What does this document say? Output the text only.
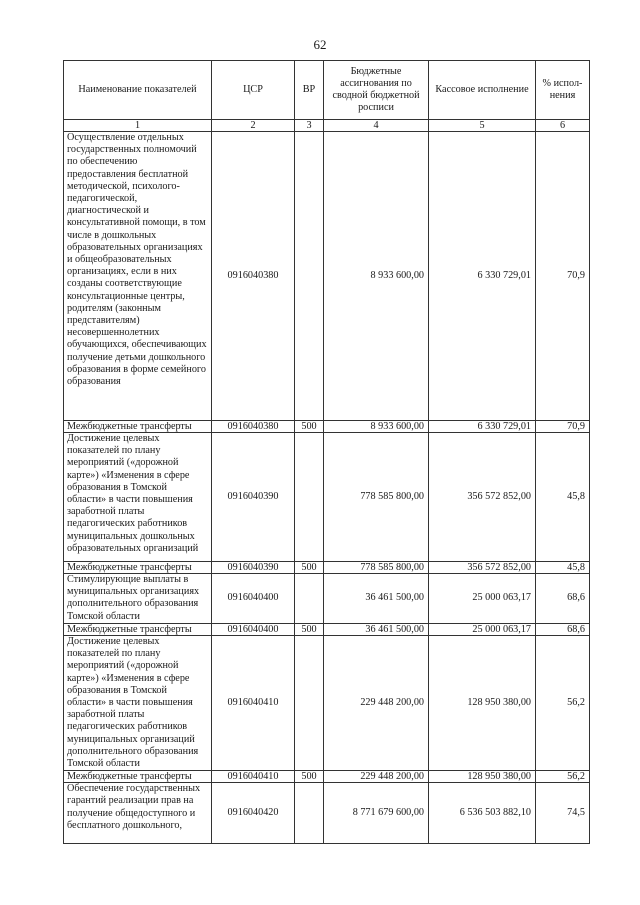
62
Наименование показателей	ЦСР	ВР	Бюджетные ассигнования по сводной бюджетной росписи	Кассовое исполнение	% испол-нения
1	2	3	4	5	6
Осуществление отдельных государственных полномочий по обеспечению предоставления бесплатной методической, психолого-педагогической, диагностической и консультативной помощи, в том числе в дошкольных образовательных организациях и общеобразовательных организациях, если в них созданы соответствующие консультационные центры, родителям (законным представителям) несовершеннолетних обучающихся, обеспечивающих получение детьми дошкольного образования в форме семейного образования	0916040380		8 933 600,00	6 330 729,01	70,9
Межбюджетные трансферты	0916040380	500	8 933 600,00	6 330 729,01	70,9
Достижение целевых показателей по плану мероприятий («дорожной карте») «Изменения в сфере образования в Томской области» в части повышения заработной платы педагогических работников муниципальных дошкольных образовательных организаций	0916040390		778 585 800,00	356 572 852,00	45,8
Межбюджетные трансферты	0916040390	500	778 585 800,00	356 572 852,00	45,8
Стимулирующие выплаты в муниципальных организациях дополнительного образования Томской области	0916040400		36 461 500,00	25 000 063,17	68,6
Межбюджетные трансферты	0916040400	500	36 461 500,00	25 000 063,17	68,6
Достижение целевых показателей по плану мероприятий («дорожной карте») «Изменения в сфере образования в Томской области» в части повышения заработной платы педагогических работников муниципальных организаций дополнительного образования Томской области	0916040410		229 448 200,00	128 950 380,00	56,2
Межбюджетные трансферты	0916040410	500	229 448 200,00	128 950 380,00	56,2
Обеспечение государственных гарантий реализации прав на получение общедоступного и бесплатного дошкольного,	0916040420		8 771 679 600,00	6 536 503 882,10	74,5
